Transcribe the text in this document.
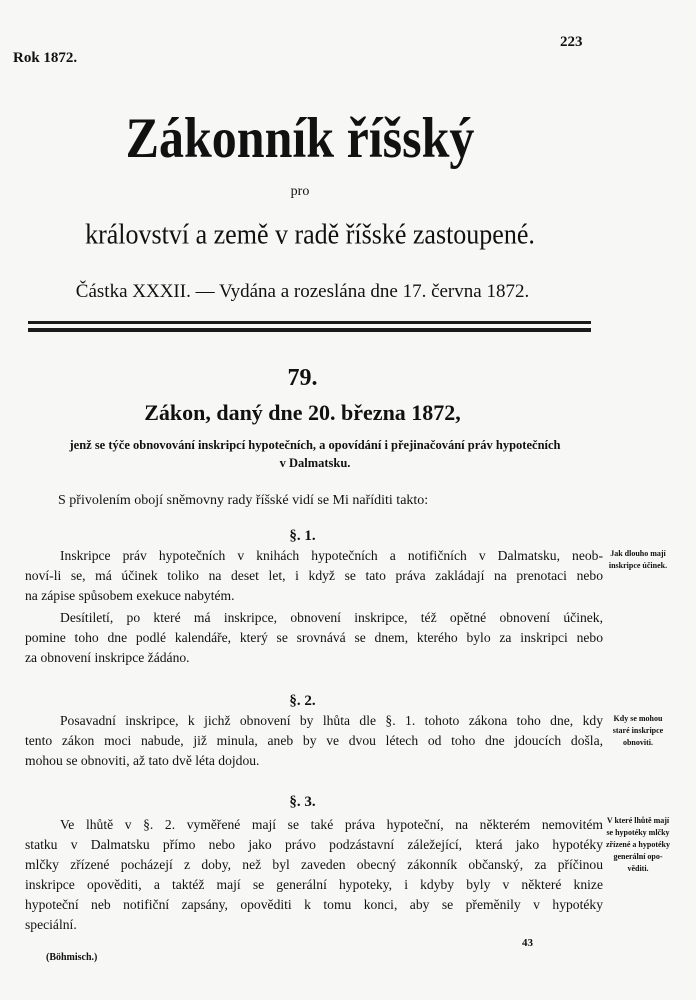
Rok 1872.
223
Zákonník říšský
pro
království a země v radě říšské zastoupené.
Částka XXXII. — Vydána a rozeslána dne 17. června 1872.
79.
Zákon, daný dne 20. března 1872,
jenž se týče obnovování inskripcí hypotečních, a opovídání i přejinačování práv hypotečních
v Dalmatsku.
S přivolením obojí sněmovny rady říšské vidí se Mi naříditi takto:
§. 1.
Inskripce práv hypotečních v knihách hypotečních a notifičních v Dalmatsku, neob-
noví-li se, má účinek toliko na deset let, i když se tato práva zakládají na prenotaci nebo
na zápise spůsobem exekuce nabytém.
Desítiletí, po které má inskripce, obnovení inskripce, též opětné obnovení účinek,
pomine toho dne podlé kalendáře, který se srovnává se dnem, kterého bylo za inskripci nebo
za obnovení inskripce žádáno.
Jak dlouho mají
inskripce účinek.
§. 2.
Posavadní inskripce, k jichž obnovení by lhůta dle §. 1. tohoto zákona toho dne, kdy
tento zákon moci nabude, již minula, aneb by ve dvou létech od toho dne jdoucích došla,
mohou se obnoviti, až tato dvě léta dojdou.
Kdy se mohou
staré inskripce
obnoviti.
§. 3.
Ve lhůtě v §. 2. vyměřené mají se také práva hypoteční, na některém nemovitém
statku v Dalmatsku přímo nebo jako právo podzástavní záležející, která jako hypotéky
mlčky zřízené pocházejí z doby, než byl zaveden obecný zákonník občanský, za příčinou
inskripce opověditi, a taktéž mají se generální hypoteky, i kdyby byly v některé knize
hypoteční neb notifiční zapsány, opověditi k tomu konci, aby se přeměnily v hypotéky
speciální.
V které lhůtě mají
se hypotéky mlčky
zřízené a hypotéky
generální opo-
věditi.
43
(Böhmisch.)
